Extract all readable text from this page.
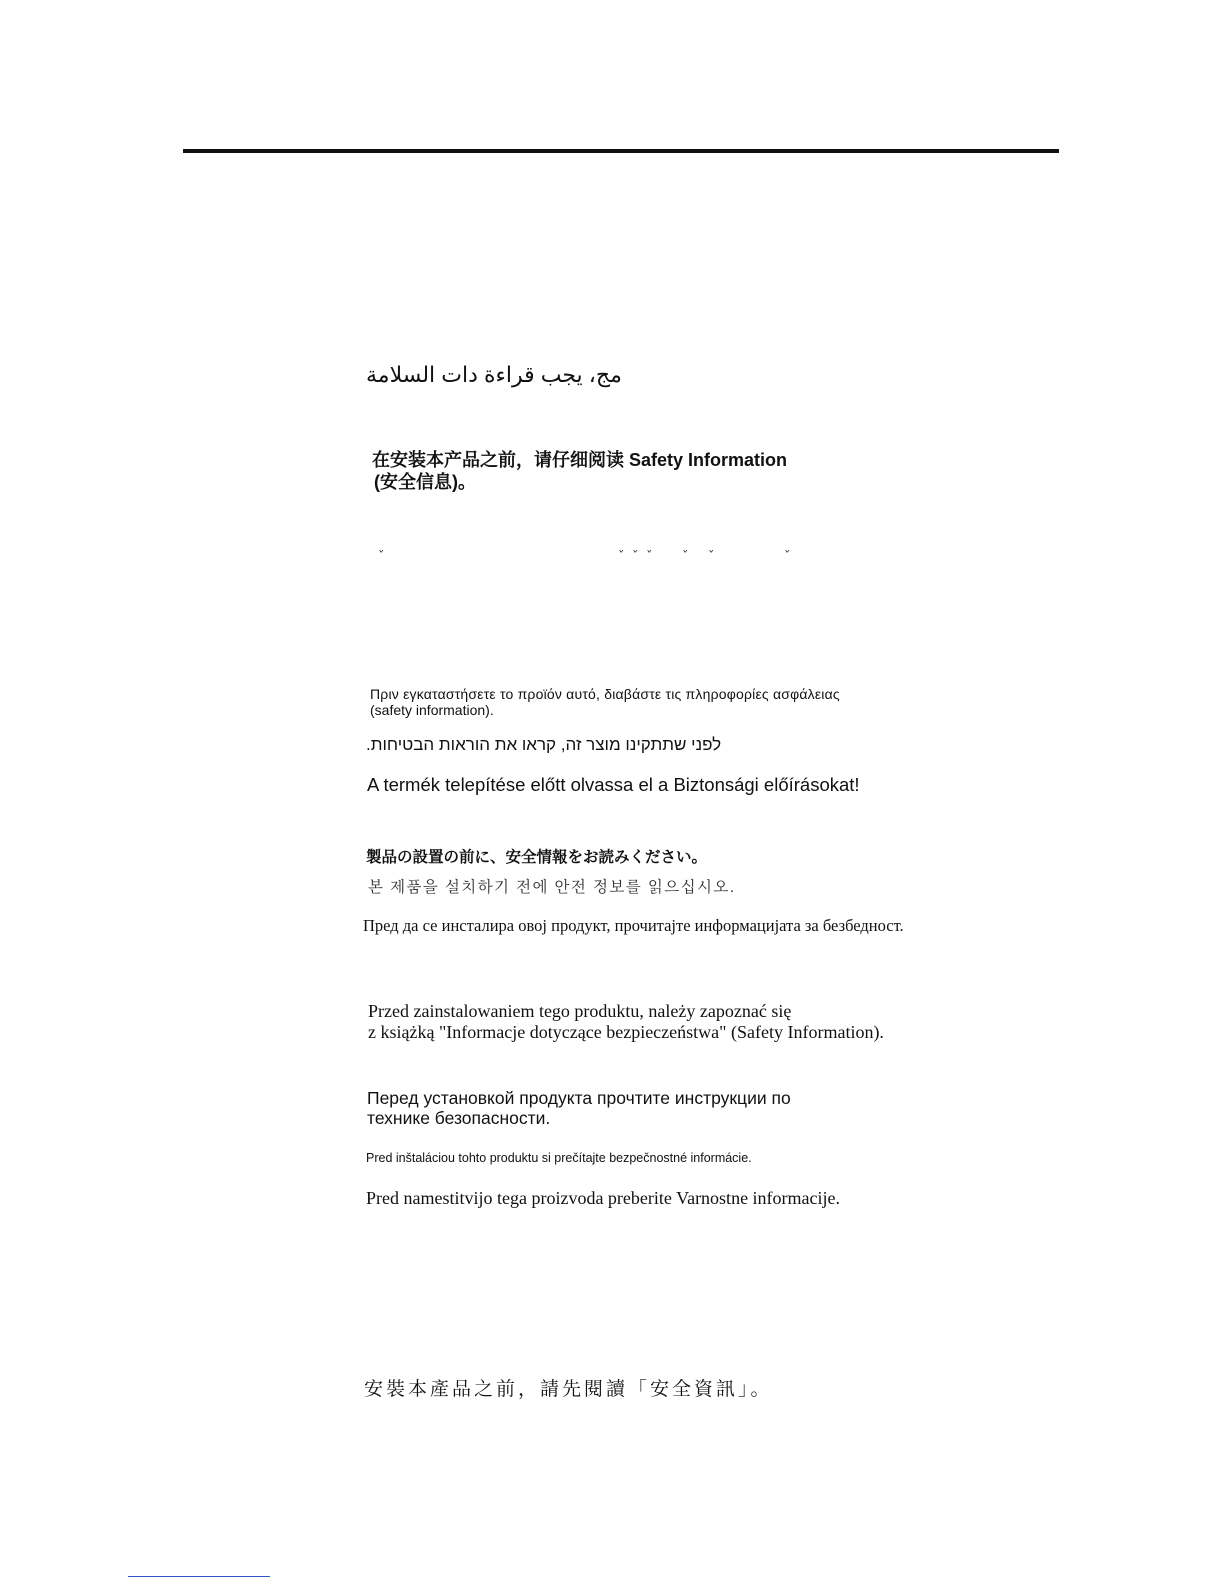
مج، يجب قراءة دات السلامة

在安装本产品之前，请仔细阅读 Safety Information

(安全信息)。

ˇ	ˇ ˇ ˇ ˇ ˇ	ˇ

Πριν εγκαταστήσετε το προϊόν αυτό, διαβάστε τις πληροφορίες ασφάλειας

(safety information).

לפני שתתקינו מוצר זה, קראו את הוראות הבטיחות.

A termék telepítése előtt olvassa el a Biztonsági előírásokat!

製品の設置の前に、安全情報をお読みください。

본 제품을 설치하기 전에 안전 정보를 읽으십시오.

Пред да се инсталира овој продукт, прочитајте информацијата за безбедност.

Przed zainstalowaniem tego produktu, należy zapoznać się

z książką "Informacje dotyczące bezpieczeństwa" (Safety Information).

Перед установкой продукта прочтите инструкции по

технике безопасности.

Pred inštaláciou tohto produktu si prečítajte bezpečnostné informácie.

Pred namestitvijo tega proizvoda preberite Varnostne informacije.

安裝本產品之前，請先閱讀「安全資訊」。
